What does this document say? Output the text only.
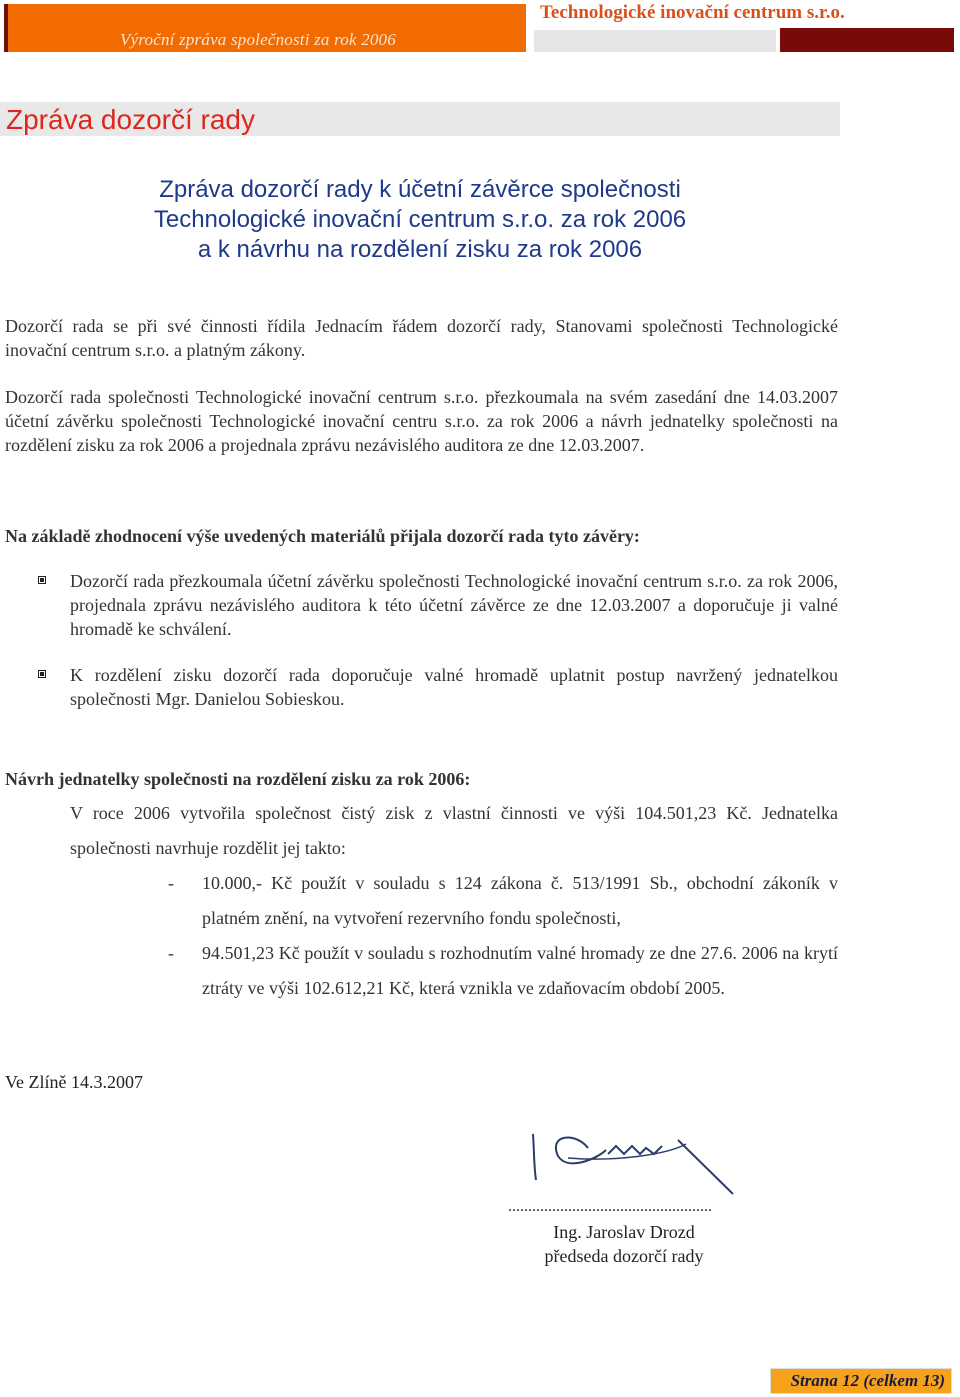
Výroční zpráva společnosti za rok 2006
Technologické inovační centrum s.r.o.
Zpráva dozorčí rady
Zpráva dozorčí rady k účetní závěrce společnosti
Technologické inovační centrum s.r.o. za rok 2006
a k návrhu na rozdělení zisku za rok 2006

Dozorčí rada se při své činnosti řídila Jednacím řádem dozorčí rady, Stanovami společnosti Technologické inovační centrum s.r.o. a platným zákony.

Dozorčí rada společnosti Technologické inovační centrum s.r.o. přezkoumala na svém zasedání dne 14.03.2007 účetní závěrku společnosti Technologické inovační centru s.r.o. za rok 2006 a návrh jednatelky společnosti na rozdělení zisku za rok 2006 a projednala zprávu nezávislého auditora ze dne 12.03.2007.

Na základě zhodnocení výše uvedených materiálů přijala dozorčí rada tyto závěry:

Dozorčí rada přezkoumala účetní závěrku společnosti Technologické inovační centrum s.r.o. za rok 2006, projednala zprávu nezávislého auditora k této účetní závěrce ze dne 12.03.2007 a doporučuje ji valné hromadě ke schválení.

K rozdělení zisku dozorčí rada doporučuje valné hromadě uplatnit postup navržený jednatelkou společnosti Mgr. Danielou Sobieskou.

Návrh jednatelky společnosti na rozdělení zisku za rok 2006:

V roce 2006 vytvořila společnost čistý zisk z vlastní činnosti ve výši 104.501,23 Kč. Jednatelka společnosti navrhuje rozdělit jej takto:

- 10.000,- Kč použít v souladu s 124 zákona č. 513/1991 Sb., obchodní zákoník v platném znění, na vytvoření rezervního fondu společnosti,

- 94.501,23 Kč použít v souladu s rozhodnutím valné hromady ze dne 27.6. 2006 na krytí ztráty ve výši 102.612,21 Kč, která vznikla ve zdaňovacím období 2005.

Ve Zlíně 14.3.2007
...................................................
Ing. Jaroslav Drozd
předseda dozorčí rady
Strana 12 (celkem 13)
